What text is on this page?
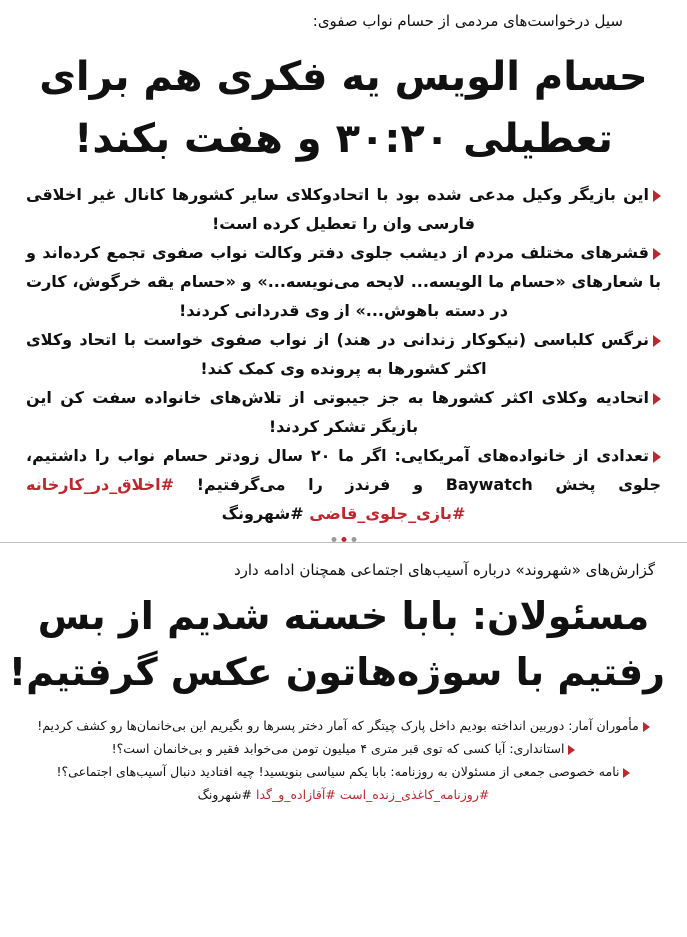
سیل درخواست‌های مردمی از حسام نواب صفوی:

حسام الویس یه فکری هم برای
تعطیلی ۳۰:۲۰ و هفت بکند!
این بازیگر وکیل مدعی شده بود با اتحادوکلای سایر کشورها کانال غیر اخلاقی فارسی وان را تعطیل کرده است!
قشرهای مختلف مردم از دیشب جلوی دفتر وکالت نواب صفوی تجمع کرده‌اند و با شعارهای «حسام ما الویسه... لایحه می‌نویسه...» و «حسام یقه خرگوش، کارت در دسته باهوش...» از وی قدردانی کردند!
نرگس کلباسی (نیکوکار زندانی در هند) از نواب صفوی خواست با اتحاد وکلای اکثر کشورها به پرونده وی کمک کند!
اتحادیه وکلای اکثر کشورها به جز جیبوتی از تلاش‌های خانواده سفت کن این بازیگر تشکر کردند!
تعدادی از خانواده‌های آمریکایی: اگر ما ۲۰ سال زودتر حسام نواب را داشتیم، جلوی پخش Baywatch و فرندز را می‌گرفتیم! #اخلاق_در_کارخانه #بازی_جلوی_قاضی #شهرونگ

گزارش‌های «شهروند» درباره آسیب‌های اجتماعی همچنان ادامه دارد

مسئولان: بابا خسته شدیم از بس
رفتیم با سوژه‌هاتون عکس گرفتیم!
مأموران آمار: دوربین انداخته بودیم داخل پارک چیتگر که آمار دختر پسرها رو بگیریم این بی‌خانمان‌ها رو کشف کردیم!
استانداری: آیا کسی که توی قبر متری ۴ میلیون تومن می‌خوابد فقیر و بی‌خانمان است؟!
نامه خصوصی جمعی از مسئولان به روزنامه: بابا یکم سیاسی بنویسید! چیه افتادید دنبال آسیب‌های اجتماعی؟!

#روزنامه_کاغذی_زنده_است #آقازاده_و_گدا #شهرونگ
